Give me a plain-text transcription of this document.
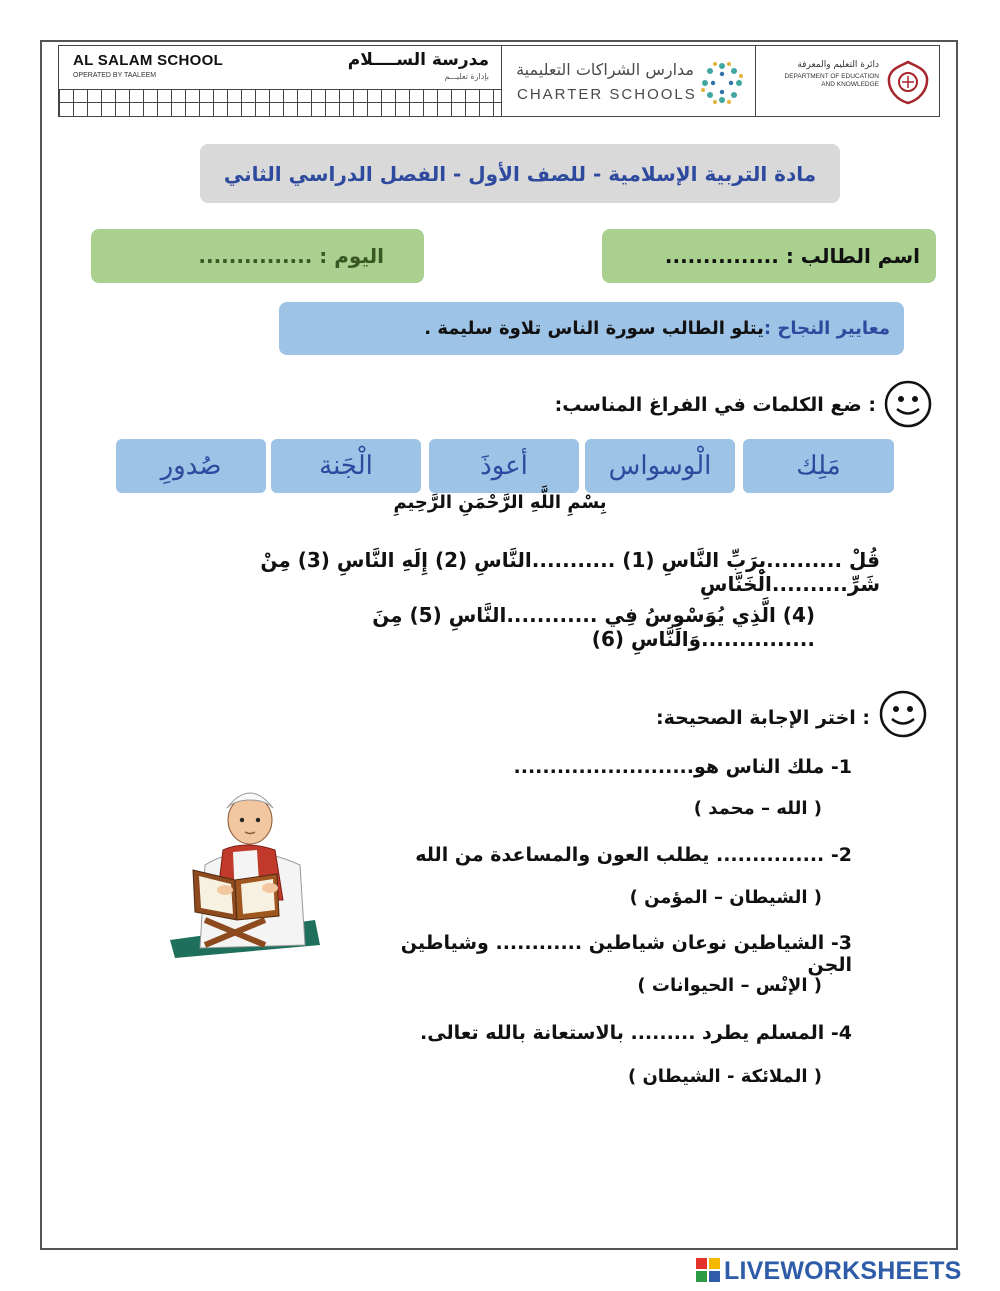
AL SALAM SCHOOL
OPERATED BY TAALEEM
مدرسة الســــلام
بإدارة تعليـــم مدارس الشراكات التعليمية
CHARTER SCHOOLS
دائرة التعليم والمعرفة
DEPARTMENT OF EDUCATION
AND KNOWLEDGE
مادة التربية الإسلامية - للصف الأول - الفصل الدراسي الثاني
اسم الطالب : ...............
اليوم : ...............
معايير النجاح :
يتلو الطالب سورة الناس تلاوة سليمة .
: ضع الكلمات في الفراغ المناسب:
مَلِك
الْوسواس
أعوذَ
الْجَنة
صُدورِ
بِسْمِ اللَّهِ الرَّحْمَنِ الرَّحِيمِ
قُلْ ..........بِرَبِّ النَّاسِ (1) ...........النَّاسِ (2) إِلَهِ النَّاسِ (3) مِنْ شَرِّ..........الْخَنَّاسِ
(4) الَّذِي يُوَسْوِسُ فِي ............النَّاسِ (5) مِنَ ...............وَالنَّاسِ (6)
: اختر الإجابة الصحيحة:
1- ملك الناس هو.........................
( الله – محمد )
2- ............... يطلب العون والمساعدة من الله
( الشيطان – المؤمن )
3- الشياطين نوعان شياطين ............ وشياطين الجن
( الإنْس – الحيوانات )
4- المسلم يطرد ......... بالاستعانة بالله تعالى.
( الملائكة - الشيطان )
LIVEWORKSHEETS
